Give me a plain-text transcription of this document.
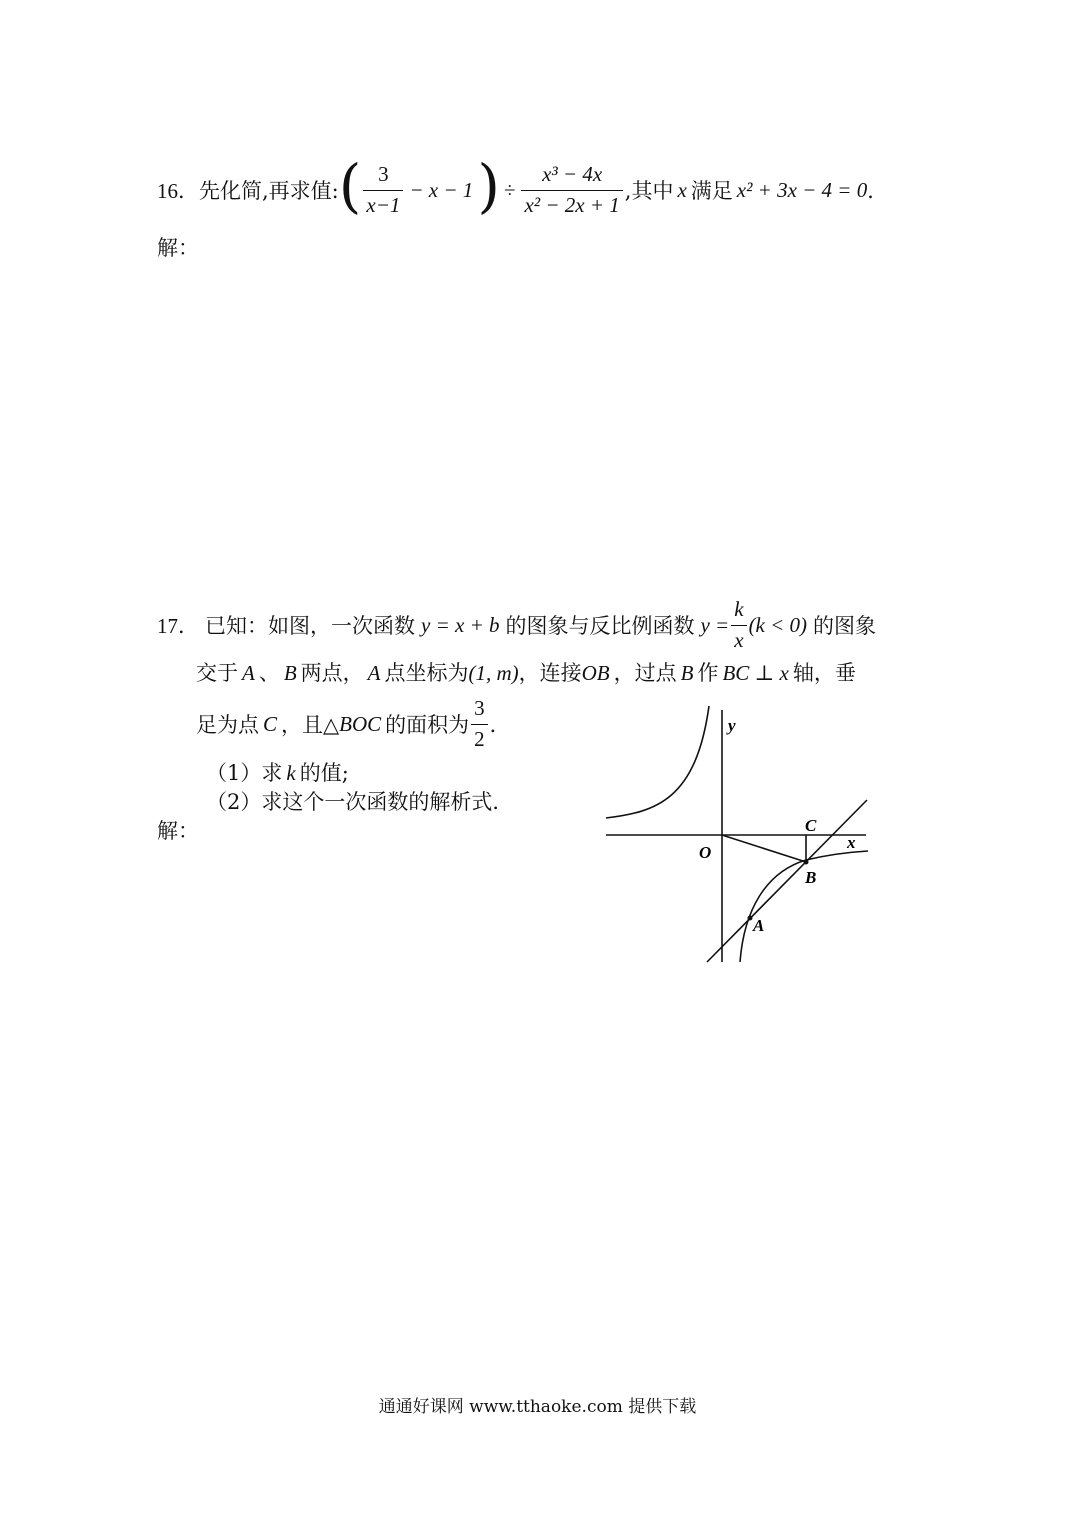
16． 先化简,再求值: ( $\frac{3}{x-1} - x - 1$ ) ÷ $\frac{\text{x³ − 4x}}{\text{x² − 2x + 1}}$ ,其中 x 满足 x² + 3x − 4 = 0 ．
解：
17． 已知：如图，一次函数 y = x + b 的图象与反比例函数 $y = \frac{k}{x} (k < 0)$ 的图象
交于 A 、 B 两点， A 点坐标为(1, m)，连接OB ，过点 B 作 BC ⊥ x 轴，垂
足为点 C ，且△ BOC 的面积为 $\frac{3}{2}$ ．
（1）求 k 的值;
（2）求这个一次函数的解析式．
解：
y
x
O
C
B
A
通通好课网 www.tthaoke.com 提供下载
